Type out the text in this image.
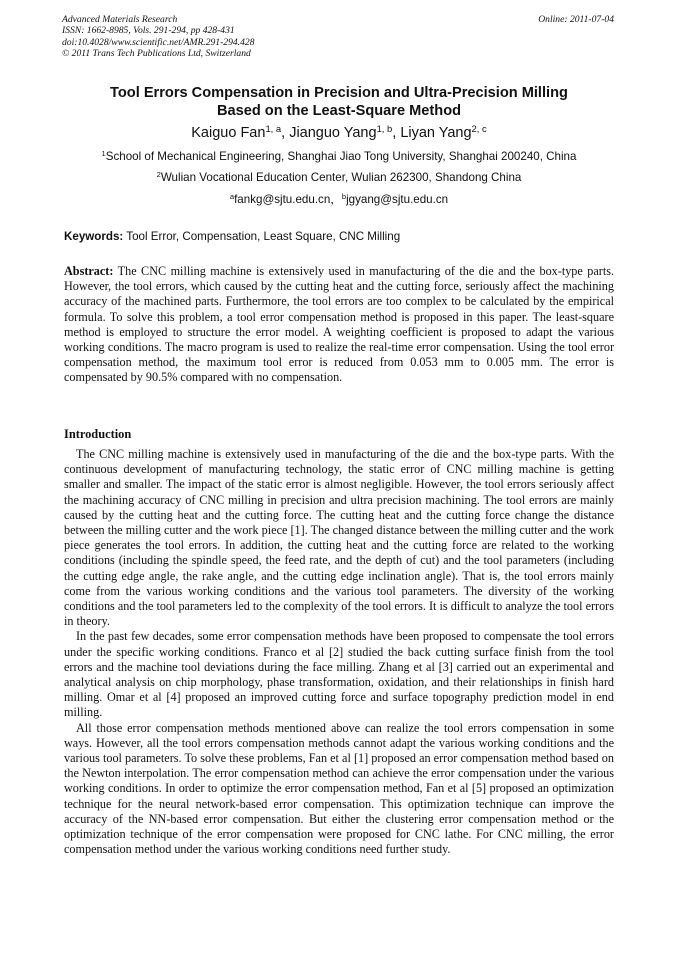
Advanced Materials Research
ISSN: 1662-8985, Vols. 291-294, pp 428-431
doi:10.4028/www.scientific.net/AMR.291-294.428
© 2011 Trans Tech Publications Ltd, Switzerland
Online: 2011-07-04
Tool Errors Compensation in Precision and Ultra-Precision Milling
Based on the Least-Square Method
Kaiguo Fan$^{1, a}$, Jianguo Yang$^{1, b}$, Liyan Yang$^{2, c}$
$^1$School of Mechanical Engineering, Shanghai Jiao Tong University, Shanghai 200240, China
$^2$Wulian Vocational Education Center, Wulian 262300, Shandong China
$^a$fankg@sjtu.edu.cn，$^b$jgyang@sjtu.edu.cn
Keywords: Tool Error, Compensation, Least Square, CNC Milling
Abstract: The CNC milling machine is extensively used in manufacturing of the die and the box-type parts. However, the tool errors, which caused by the cutting heat and the cutting force, seriously affect the machining accuracy of the machined parts. Furthermore, the tool errors are too complex to be calculated by the empirical formula. To solve this problem, a tool error compensation method is proposed in this paper. The least-square method is employed to structure the error model. A weighting coefficient is proposed to adapt the various working conditions. The macro program is used to realize the real-time error compensation. Using the tool error compensation method, the maximum tool error is reduced from 0.053 mm to 0.005 mm. The error is compensated by 90.5% compared with no compensation.
Introduction

The CNC milling machine is extensively used in manufacturing of the die and the box-type parts. With the continuous development of manufacturing technology, the static error of CNC milling machine is getting smaller and smaller. The impact of the static error is almost negligible. However, the tool errors seriously affect the machining accuracy of CNC milling in precision and ultra precision machining. The tool errors are mainly caused by the cutting heat and the cutting force. The cutting heat and the cutting force change the distance between the milling cutter and the work piece [1]. The changed distance between the milling cutter and the work piece generates the tool errors. In addition, the cutting heat and the cutting force are related to the working conditions (including the spindle speed, the feed rate, and the depth of cut) and the tool parameters (including the cutting edge angle, the rake angle, and the cutting edge inclination angle). That is, the tool errors mainly come from the various working conditions and the various tool parameters. The diversity of the working conditions and the tool parameters led to the complexity of the tool errors. It is difficult to analyze the tool errors in theory.

In the past few decades, some error compensation methods have been proposed to compensate the tool errors under the specific working conditions. Franco et al [2] studied the back cutting surface finish from the tool errors and the machine tool deviations during the face milling. Zhang et al [3] carried out an experimental and analytical analysis on chip morphology, phase transformation, oxidation, and their relationships in finish hard milling. Omar et al [4] proposed an improved cutting force and surface topography prediction model in end milling.

All those error compensation methods mentioned above can realize the tool errors compensation in some ways. However, all the tool errors compensation methods cannot adapt the various working conditions and the various tool parameters. To solve these problems, Fan et al [1] proposed an error compensation method based on the Newton interpolation. The error compensation method can achieve the error compensation under the various working conditions. In order to optimize the error compensation method, Fan et al [5] proposed an optimization technique for the neural network-based error compensation. This optimization technique can improve the accuracy of the NN-based error compensation. But either the clustering error compensation method or the optimization technique of the error compensation were proposed for CNC lathe. For CNC milling, the error compensation method under the various working conditions need further study.
